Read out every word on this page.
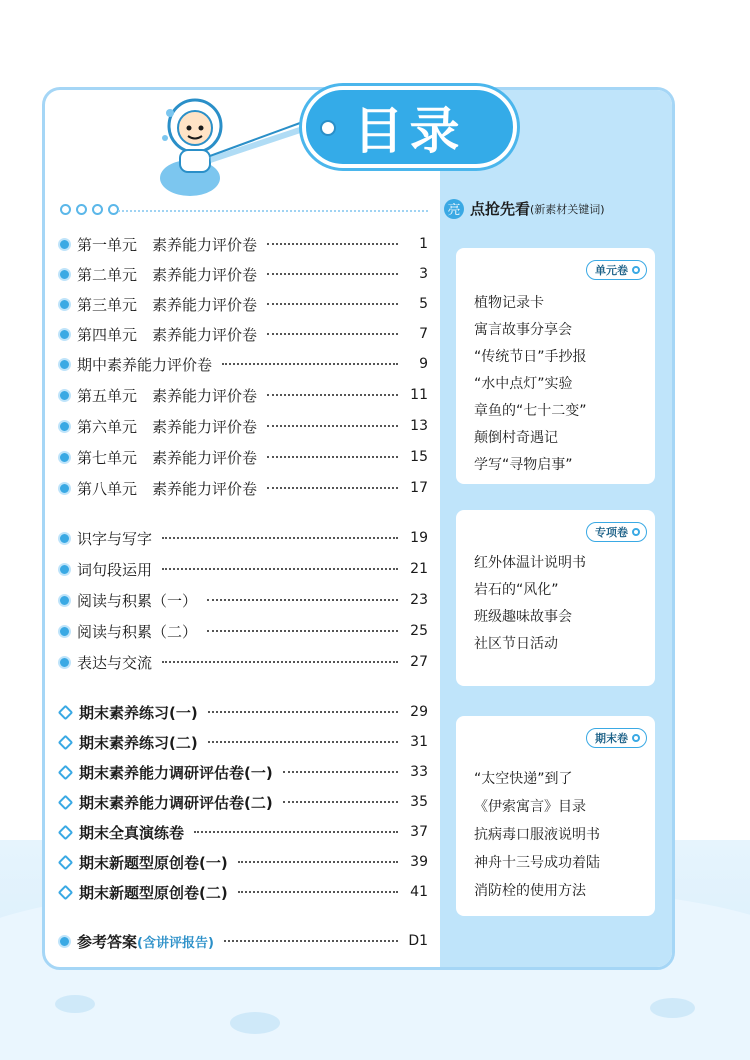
目录
第一单元　素养能力评价卷	1
第二单元　素养能力评价卷	3
第三单元　素养能力评价卷	5
第四单元　素养能力评价卷	7
期中素养能力评价卷	9
第五单元　素养能力评价卷	11
第六单元　素养能力评价卷	13
第七单元　素养能力评价卷	15
第八单元　素养能力评价卷	17
识字与写字	19
词句段运用	21
阅读与积累（一）	23
阅读与积累（二）	25
表达与交流	27
期末素养练习(一)	29
期末素养练习(二)	31
期末素养能力调研评估卷(一)	33
期末素养能力调研评估卷(二)	35
期末全真演练卷	37
期末新题型原创卷(一)	39
期末新题型原创卷(二)	41
参考答案 (含讲评报告)	D1
亮 点抢先看 (新素材关键词)
单元卷
植物记录卡
寓言故事分享会
“传统节日”手抄报
“水中点灯”实验
章鱼的“七十二变”
颠倒村奇遇记
学写“寻物启事”
专项卷
红外体温计说明书
岩石的“风化”
班级趣味故事会
社区节日活动
期末卷
“太空快递”到了
《伊索寓言》目录
抗病毒口服液说明书
神舟十三号成功着陆
消防栓的使用方法
